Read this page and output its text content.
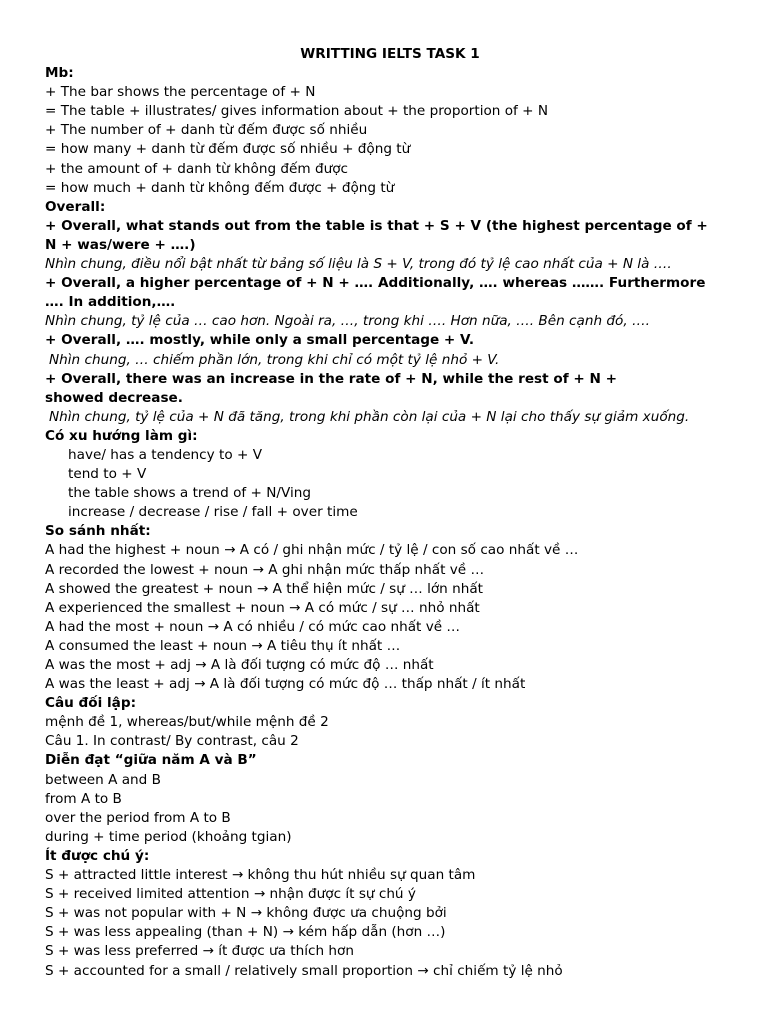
WRITTING IELTS TASK 1
Mb:
+ The bar shows the percentage of + N
= The table + illustrates/ gives information about + the proportion of + N
+ The number of + danh từ đếm được số nhiều
= how many + danh từ đếm được số nhiều + động từ
+ the amount of + danh từ không đếm được
= how much + danh từ không đếm được + động từ
Overall:
+ Overall, what stands out from the table is that + S + V (the highest percentage of +
N + was/were + ….)
Nhìn chung, điều nổi bật nhất từ bảng số liệu là S + V, trong đó tỷ lệ cao nhất của + N là ….
+ Overall, a higher percentage of + N + …. Additionally, …. whereas ……. Furthermore
…. In addition,….
Nhìn chung, tỷ lệ của … cao hơn. Ngoài ra, …, trong khi …. Hơn nữa, …. Bên cạnh đó, ….
+ Overall, …. mostly, while only a small percentage + V.
Nhìn chung, … chiếm phần lớn, trong khi chỉ có một tỷ lệ nhỏ + V.
+ Overall, there was an increase in the rate of + N, while the rest of + N +
showed decrease.
Nhìn chung, tỷ lệ của + N đã tăng, trong khi phần còn lại của + N lại cho thấy sự giảm xuống.
Có xu hướng làm gì:
have/ has a tendency to + V
tend to + V
the table shows a trend of + N/Ving
increase / decrease / rise / fall + over time
So sánh nhất:
A had the highest + noun → A có / ghi nhận mức / tỷ lệ / con số cao nhất về …
A recorded the lowest + noun → A ghi nhận mức thấp nhất về …
A showed the greatest + noun → A thể hiện mức / sự … lớn nhất
A experienced the smallest + noun → A có mức / sự … nhỏ nhất
A had the most + noun → A có nhiều / có mức cao nhất về …
A consumed the least + noun → A tiêu thụ ít nhất …
A was the most + adj → A là đối tượng có mức độ … nhất
A was the least + adj → A là đối tượng có mức độ … thấp nhất / ít nhất
Câu đối lập:
mệnh đề 1, whereas/but/while mệnh đề 2
Câu 1. In contrast/ By contrast, câu 2
Diễn đạt “giữa năm A và B”
between A and B
from A to B
over the period from A to B
during + time period (khoảng tgian)
Ít được chú ý:
S + attracted little interest → không thu hút nhiều sự quan tâm
S + received limited attention → nhận được ít sự chú ý
S + was not popular with + N → không được ưa chuộng bởi
S + was less appealing (than + N) → kém hấp dẫn (hơn …)
S + was less preferred → ít được ưa thích hơn
S + accounted for a small / relatively small proportion → chỉ chiếm tỷ lệ nhỏ
